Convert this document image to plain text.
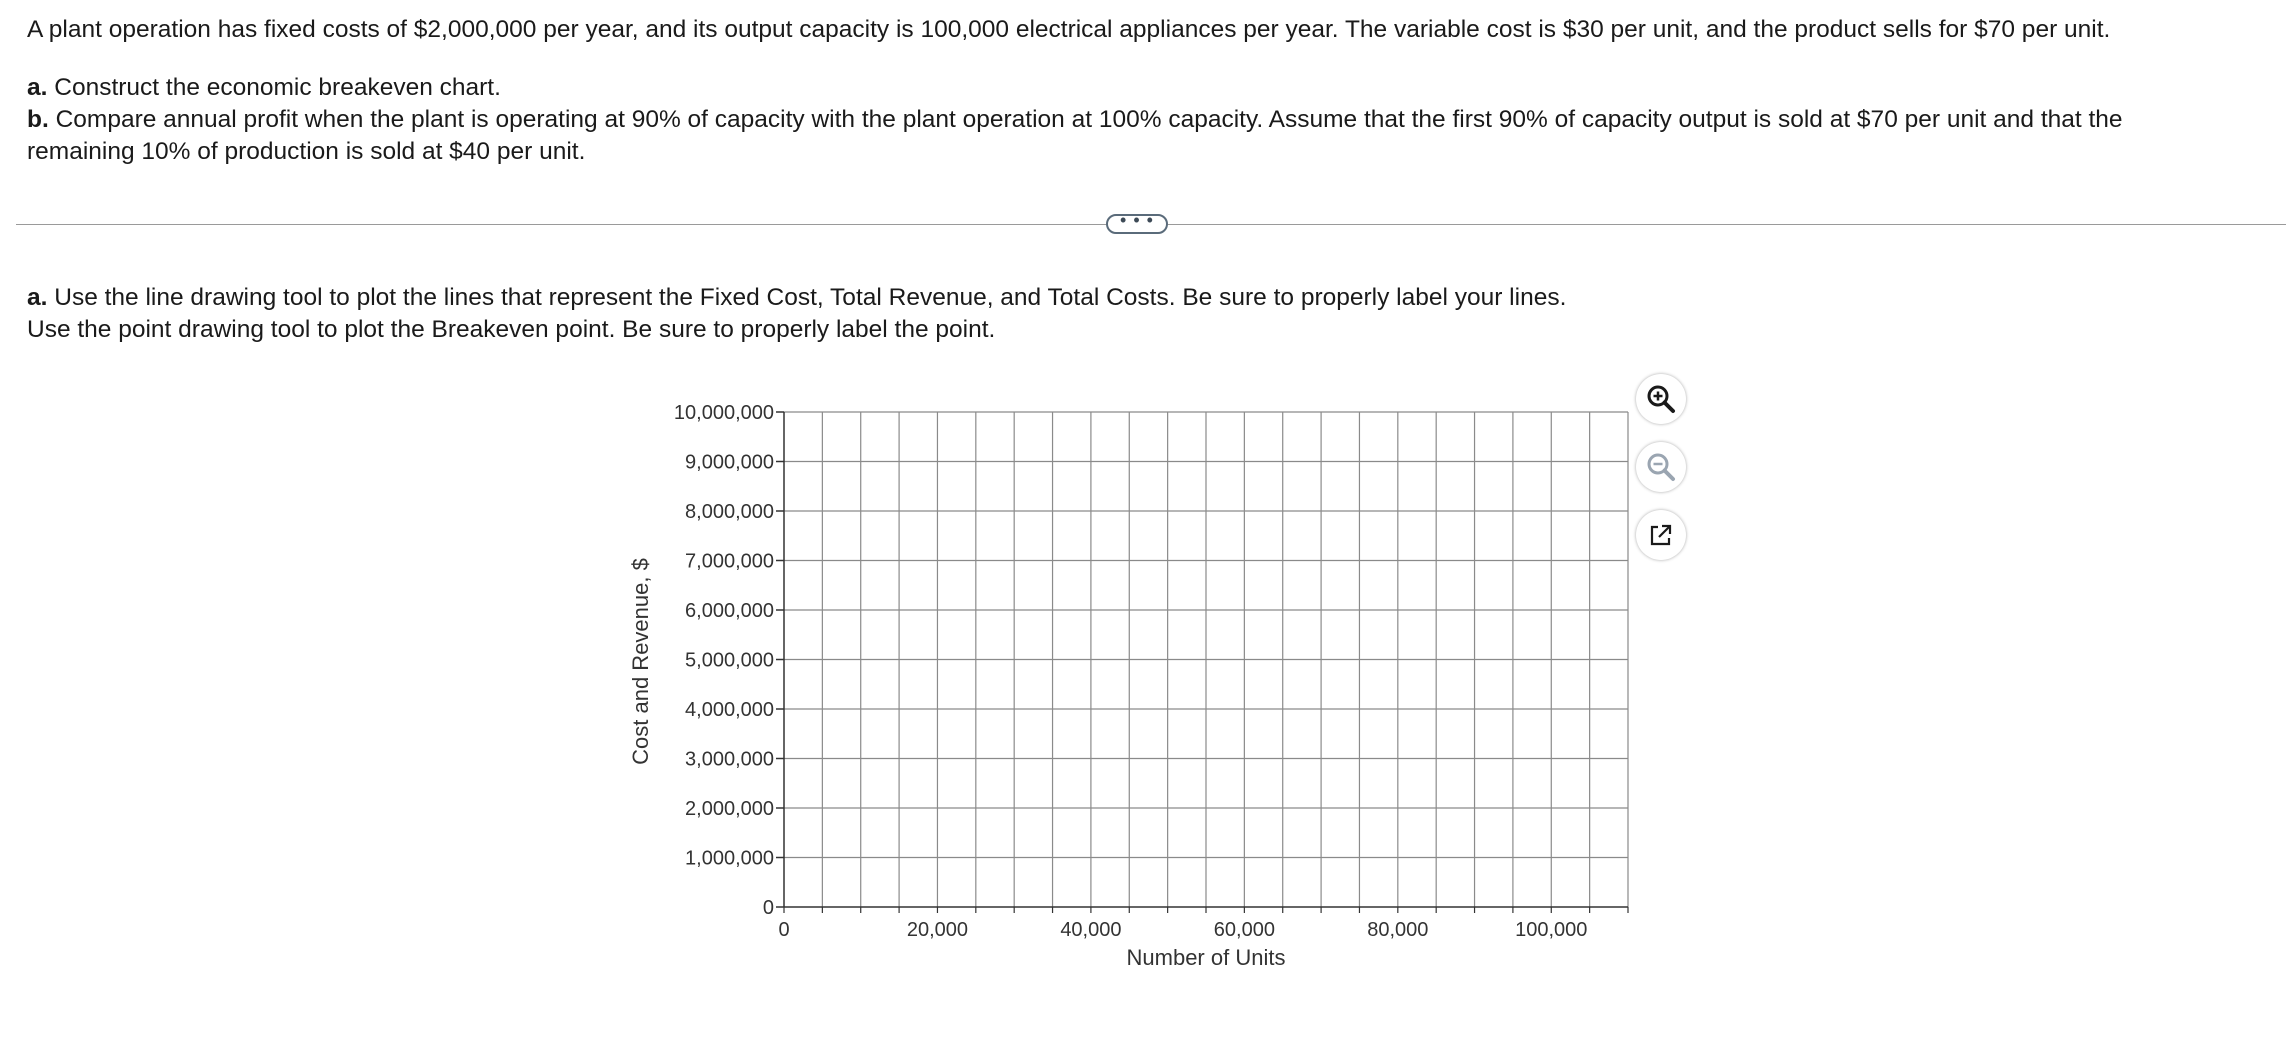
A plant operation has fixed costs of $2,000,000 per year, and its output capacity is 100,000 electrical appliances per year. The variable cost is $30 per unit, and the product sells for $70 per unit.
a. Construct the economic breakeven chart.
b. Compare annual profit when the plant is operating at 90% of capacity with the plant operation at 100% capacity. Assume that the first 90% of capacity output is sold at $70 per unit and that the
remaining 10% of production is sold at $40 per unit.
• • •
a. Use the line drawing tool to plot the lines that represent the Fixed Cost, Total Revenue, and Total Costs. Be sure to properly label your lines.
Use the point drawing tool to plot the Breakeven point. Be sure to properly label the point.
0
1,000,000
2,000,000
3,000,000
4,000,000
5,000,000
6,000,000
7,000,000
8,000,000
9,000,000
10,000,000
0	20,000	40,000	60,000	80,000	100,000
Number of Units
Cost and Revenue, $
